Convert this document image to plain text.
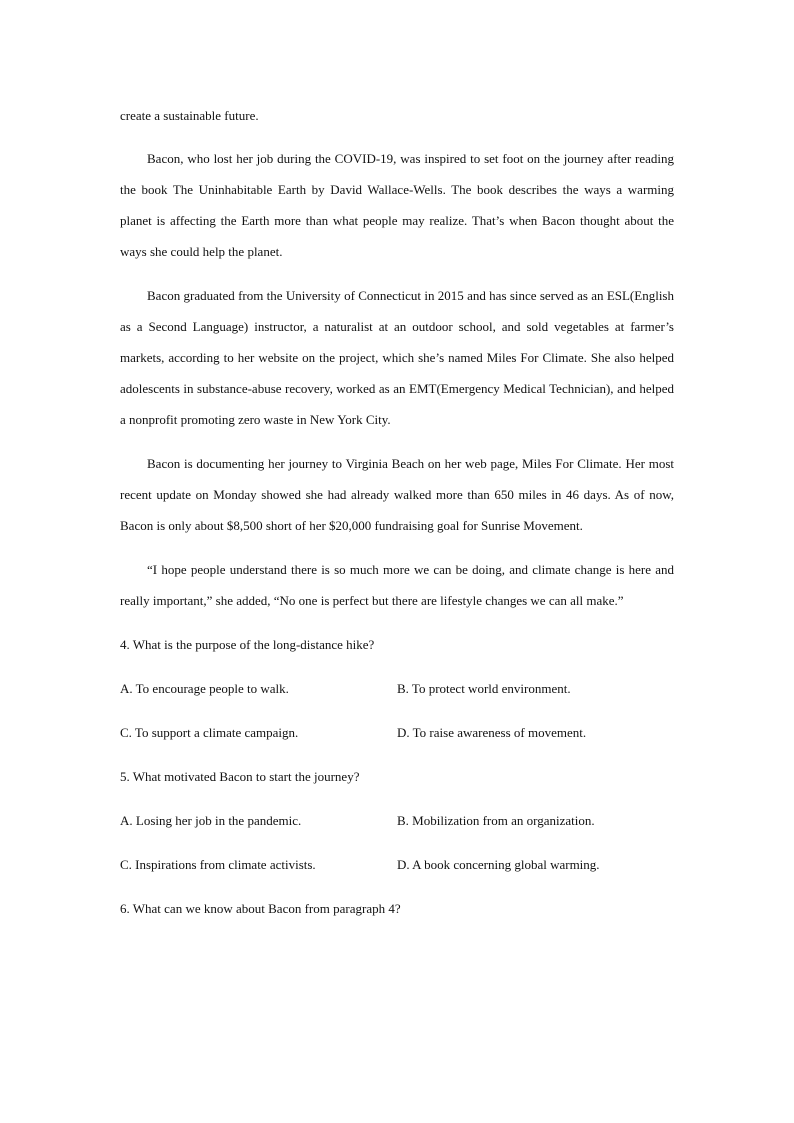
create a sustainable future.

Bacon, who lost her job during the COVID-19, was inspired to set foot on the journey after reading the book The Uninhabitable Earth by David Wallace-Wells. The book describes the ways a warming planet is affecting the Earth more than what people may realize. That’s when Bacon thought about the ways she could help the planet.

Bacon graduated from the University of Connecticut in 2015 and has since served as an ESL(English as a Second Language) instructor, a naturalist at an outdoor school, and sold vegetables at farmer’s markets, according to her website on the project, which she’s named Miles For Climate. She also helped adolescents in substance-abuse recovery, worked as an EMT(Emergency Medical Technician), and helped a nonprofit promoting zero waste in New York City.

Bacon is documenting her journey to Virginia Beach on her web page, Miles For Climate. Her most recent update on Monday showed she had already walked more than 650 miles in 46 days. As of now, Bacon is only about $8,500 short of her $20,000 fundraising goal for Sunrise Movement.

“I hope people understand there is so much more we can be doing, and climate change is here and really important,” she added, “No one is perfect but there are lifestyle changes we can all make.”

4. What is the purpose of the long-distance hike?

A. To encourage people to walk.	B. To protect world environment.
C. To support a climate campaign.	D. To raise awareness of movement.

5. What motivated Bacon to start the journey?

A. Losing her job in the pandemic.	B. Mobilization from an organization.
C. Inspirations from climate activists.	D. A book concerning global warming.

6. What can we know about Bacon from paragraph 4?
